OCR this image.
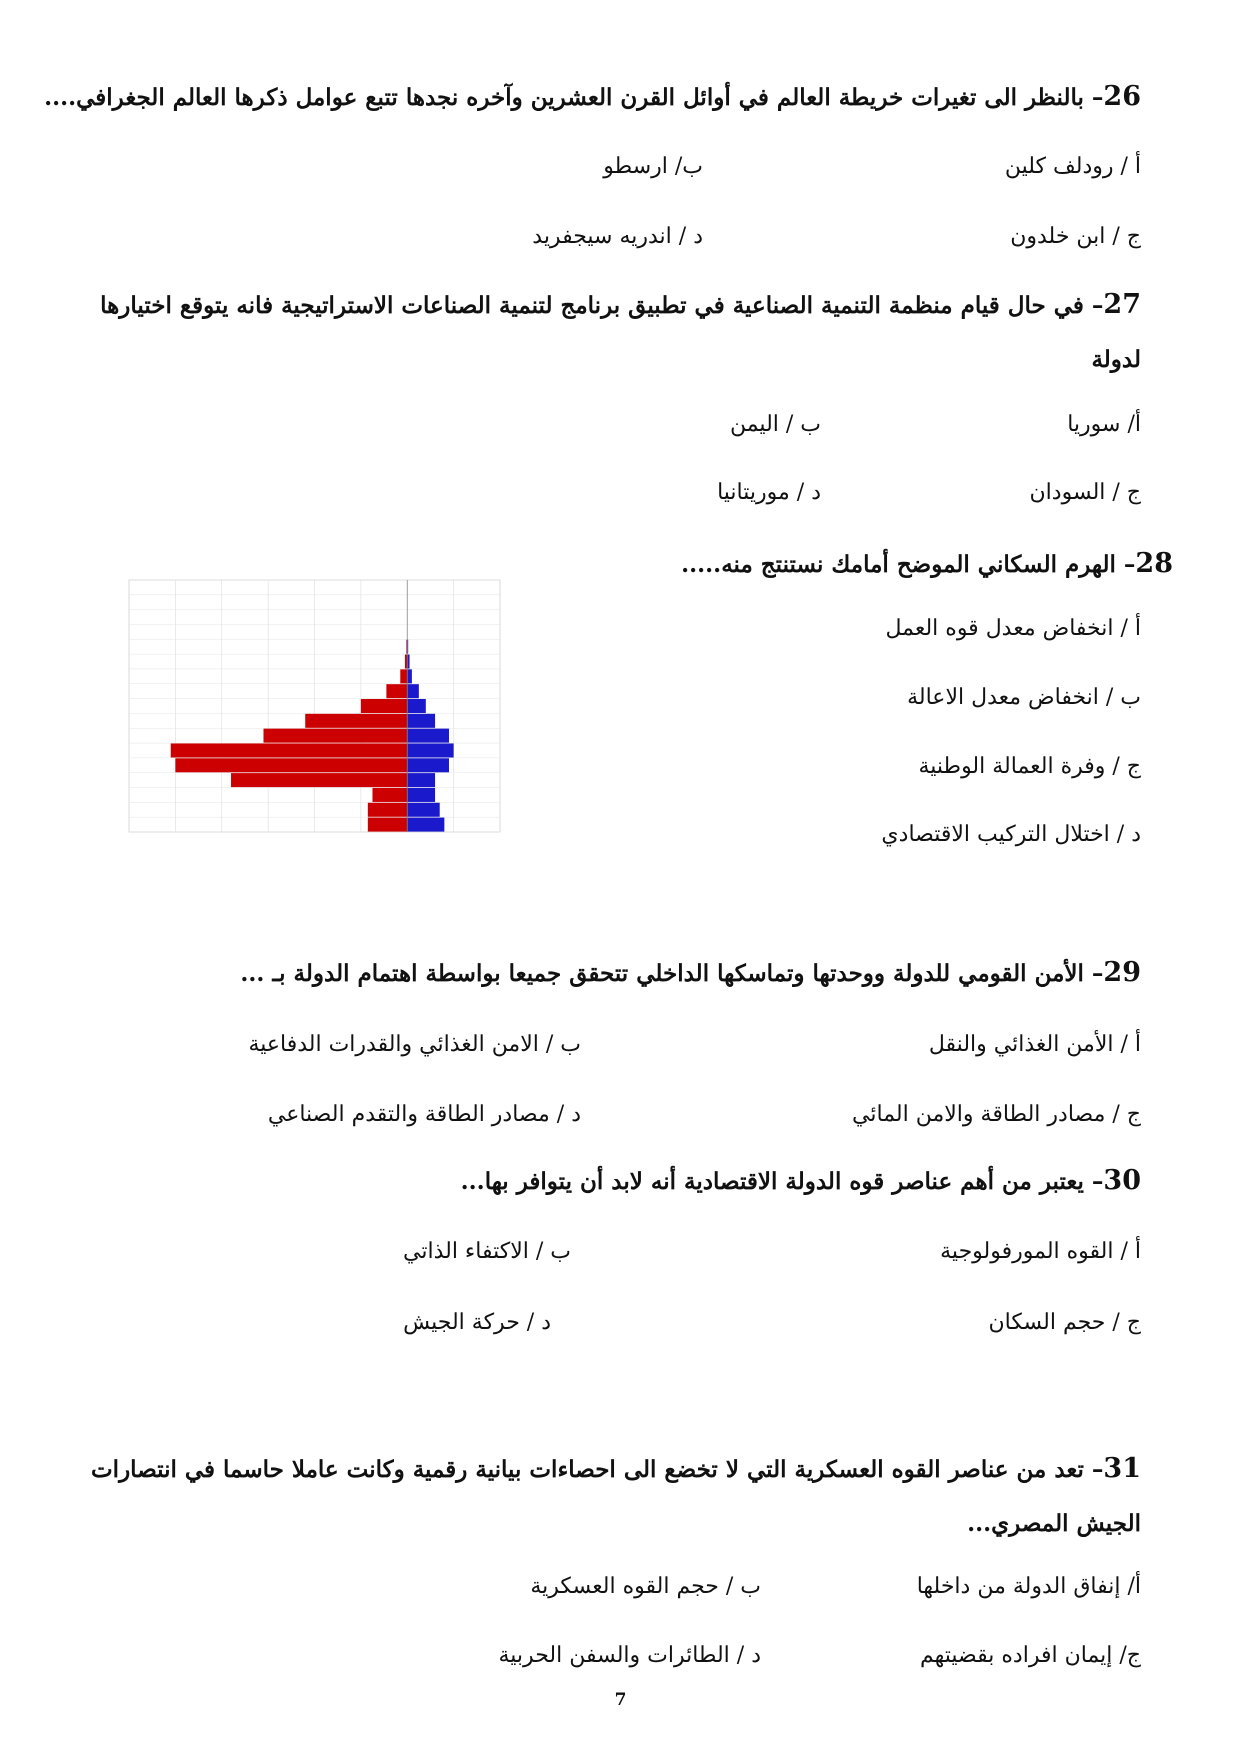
26– بالنظر الى تغيرات خريطة العالم في أوائل القرن العشرين وآخره نجدها تتبع عوامل ذكرها العالم الجغرافي....

أ / رودلف كلين

ب/ ارسطو

ج / ابن خلدون

د / اندريه سيجفريد

27– في حال قيام منظمة التنمية الصناعية في تطبيق برنامج لتنمية الصناعات الاستراتيجية فانه يتوقع اختيارها لدولة

أ/ سوريا

ب / اليمن

ج / السودان

د / موريتانيا

28– الهرم السكاني الموضح أمامك نستنتج منه.....

أ / انخفاض معدل قوه العمل

ب / انخفاض معدل الاعالة

ج / وفرة العمالة الوطنية

د / اختلال التركيب الاقتصادي

29– الأمن القومي للدولة ووحدتها وتماسكها الداخلي تتحقق جميعا بواسطة اهتمام الدولة بـ ...

أ / الأمن الغذائي والنقل

ب / الامن الغذائي والقدرات الدفاعية

ج / مصادر الطاقة والامن المائي

د / مصادر الطاقة والتقدم الصناعي

30– يعتبر من أهم عناصر قوه الدولة الاقتصادية أنه لابد أن يتوافر بها...

أ / القوه المورفولوجية

ب / الاكتفاء الذاتي

ج / حجم السكان

د / حركة الجيش

31– تعد من عناصر القوه العسكرية التي لا تخضع الى احصاءات بيانية رقمية وكانت عاملا حاسما في انتصارات الجيش المصري...

أ/ إنفاق الدولة من داخلها

ب / حجم القوه العسكرية

ج/ إيمان افراده بقضيتهم

د / الطائرات والسفن الحربية

7
